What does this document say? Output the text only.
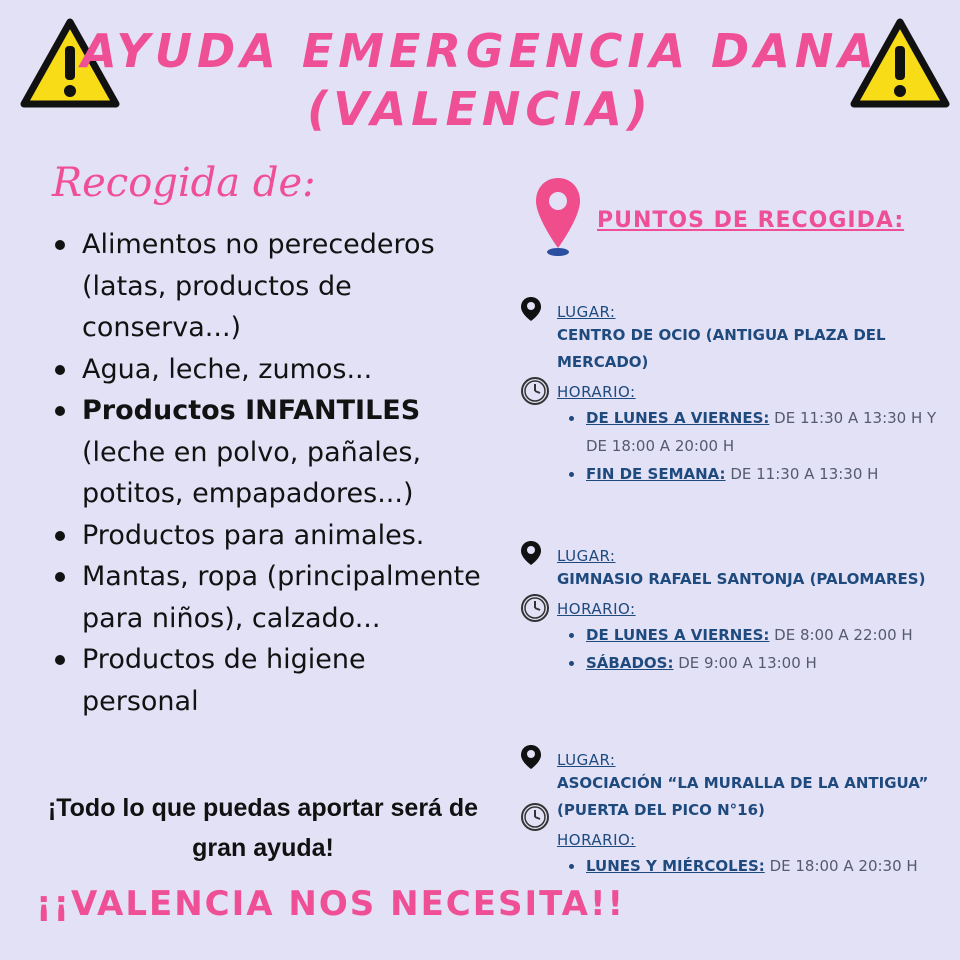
AYUDA EMERGENCIA DANA
(VALENCIA)
Recogida de:
Alimentos no perecederos (latas, productos de conserva...)
Agua, leche, zumos...
Productos INFANTILES (leche en polvo, pañales, potitos, empapadores...)
Productos para animales.
Mantas, ropa (principalmente para niños), calzado...
Productos de higiene personal
¡Todo lo que puedas aportar será de gran ayuda!
¡¡VALENCIA NOS NECESITA!!
PUNTOS DE RECOGIDA:
LUGAR:
CENTRO DE OCIO (ANTIGUA PLAZA DEL MERCADO)
HORARIO:
DE LUNES A VIERNES: DE 11:30 A 13:30 H Y DE 18:00 A 20:00 H
FIN DE SEMANA: DE 11:30 A 13:30 H
LUGAR:
GIMNASIO RAFAEL SANTONJA (PALOMARES)
HORARIO:
DE LUNES A VIERNES: DE 8:00 A 22:00 H
SÁBADOS: DE 9:00 A 13:00 H
LUGAR:
ASOCIACIÓN “LA MURALLA DE LA ANTIGUA” (PUERTA DEL PICO N°16)
HORARIO:
LUNES Y MIÉRCOLES: DE 18:00 A 20:30 H
